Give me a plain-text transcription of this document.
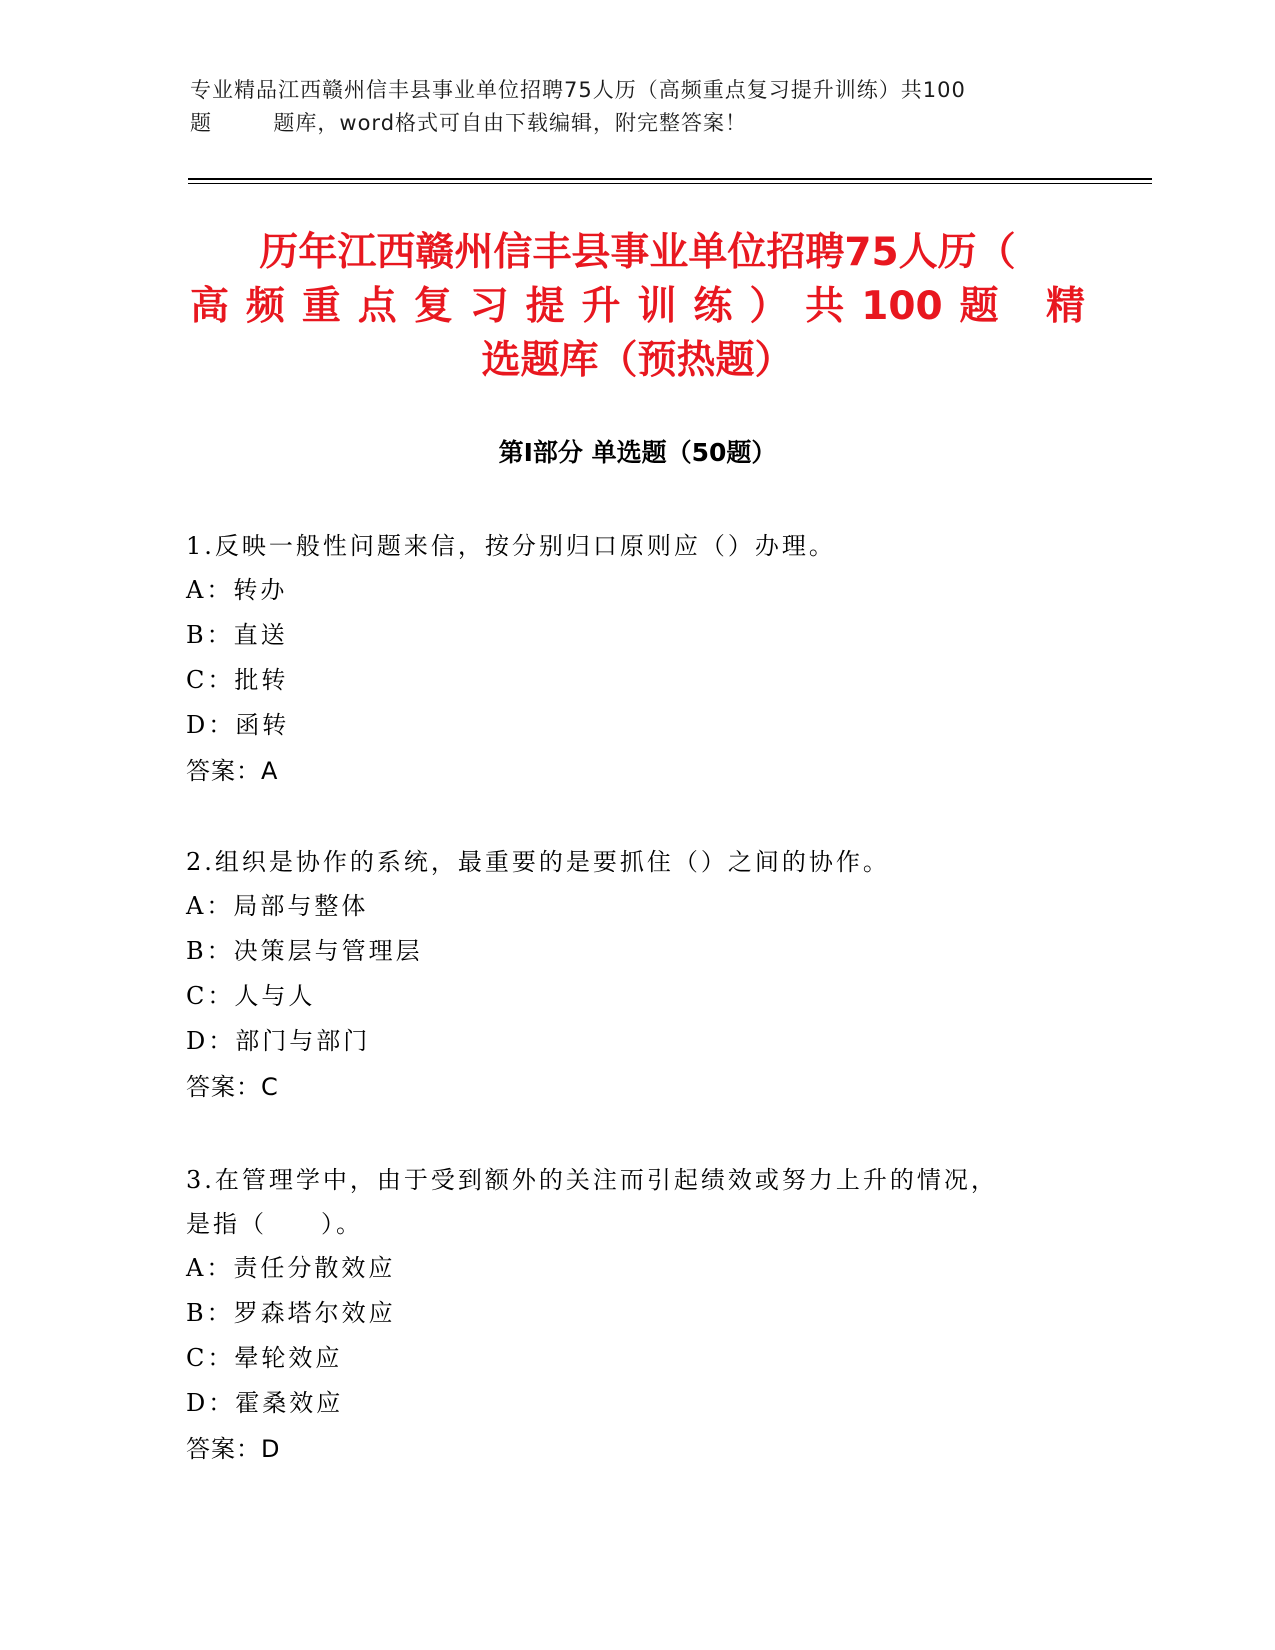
专业精品江西赣州信丰县事业单位招聘75人历（高频重点复习提升训练）共100
题        题库，word格式可自由下载编辑，附完整答案！
历年江西赣州信丰县事业单位招聘75人历（
高频重点复习提升训练）共100题 精
选题库（预热题）
第Ⅰ部分 单选题（50题）

1.反映一般性问题来信，按分别归口原则应（）办理。

A：转办

B：直送

C：批转

D：函转

答案：A

2.组织是协作的系统，最重要的是要抓住（）之间的协作。

A：局部与整体

B：决策层与管理层

C：人与人

D：部门与部门

答案：C

3.在管理学中，由于受到额外的关注而引起绩效或努力上升的情况，

是指（　　）。

A：责任分散效应

B：罗森塔尔效应

C：晕轮效应

D：霍桑效应

答案：D
